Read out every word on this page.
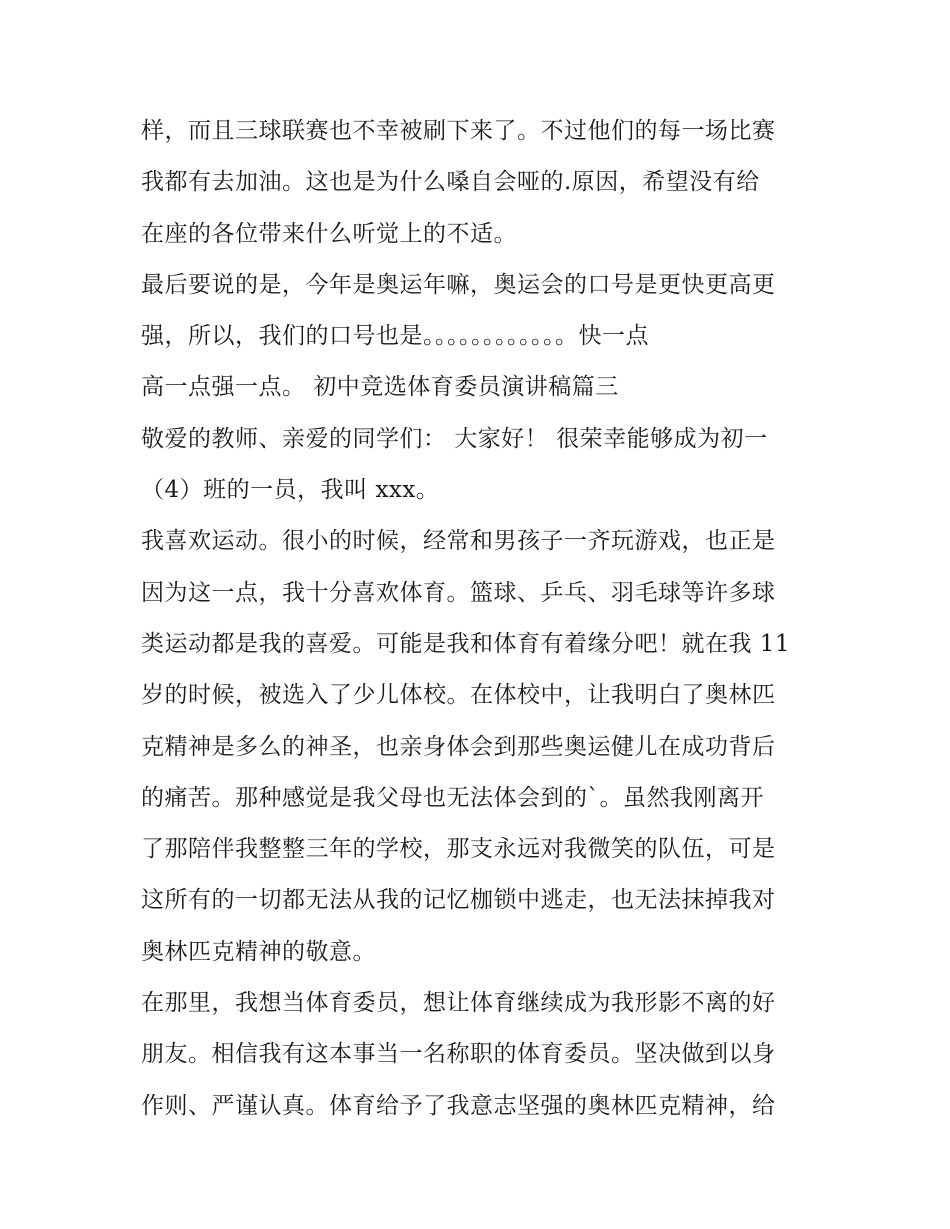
样，而且三球联赛也不幸被刷下来了。不过他们的每一场比赛
我都有去加油。这也是为什么嗓自会哑的.原因，希望没有给
在座的各位带来什么听觉上的不适。
最后要说的是，今年是奥运年嘛，奥运会的口号是更快更高更
强，所以，我们的口号也是。。。。。。。。。。。。快一点
高一点强一点。 初中竞选体育委员演讲稿篇三
敬爱的教师、亲爱的同学们： 大家好！ 很荣幸能够成为初一
（4）班的一员，我叫 xxx。
我喜欢运动。很小的时候，经常和男孩子一齐玩游戏，也正是
因为这一点，我十分喜欢体育。篮球、乒乓、羽毛球等许多球
类运动都是我的喜爱。可能是我和体育有着缘分吧！就在我 11
岁的时候，被选入了少儿体校。在体校中，让我明白了奥林匹
克精神是多么的神圣，也亲身体会到那些奥运健儿在成功背后
的痛苦。那种感觉是我父母也无法体会到的`。虽然我刚离开
了那陪伴我整整三年的学校，那支永远对我微笑的队伍，可是
这所有的一切都无法从我的记忆枷锁中逃走，也无法抹掉我对
奥林匹克精神的敬意。
在那里，我想当体育委员，想让体育继续成为我形影不离的好
朋友。相信我有这本事当一名称职的体育委员。坚决做到以身
作则、严谨认真。体育给予了我意志坚强的奥林匹克精神，给
